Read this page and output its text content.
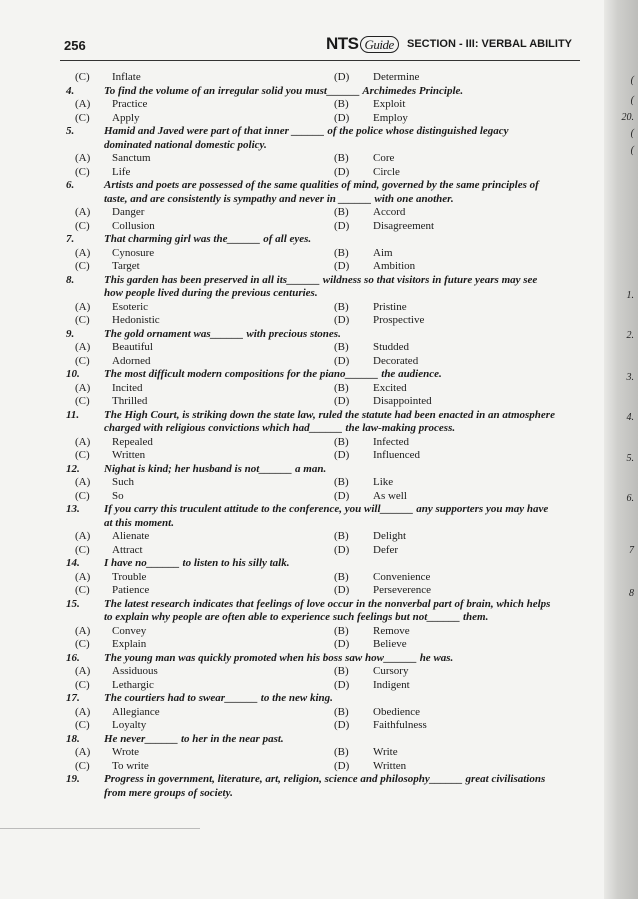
256	NTS Guide	SECTION - III: VERBAL ABILITY
(C) Inflate	(D) Determine
4.	To find the volume of an irregular solid you must______ Archimedes Principle.
(A) Practice	(B) Exploit
(C) Apply	(D) Employ
5.	Hamid and Javed were part of that inner ______ of the police whose distinguished legacy
dominated national domestic policy.
(A) Sanctum	(B) Core
(C) Life	(D) Circle
6.	Artists and poets are possessed of the same qualities of mind, governed by the same principles of
taste, and are consistently is sympathy and never in ______ with one another.
(A) Danger	(B) Accord
(C) Collusion	(D) Disagreement
7.	That charming girl was the______ of all eyes.
(A) Cynosure	(B) Aim
(C) Target	(D) Ambition
8.	This garden has been preserved in all its______ wildness so that visitors in future years may see
how people lived during the previous centuries.
(A) Esoteric	(B) Pristine
(C) Hedonistic	(D) Prospective
9.	The gold ornament was______ with precious stones.
(A) Beautiful	(B) Studded
(C) Adorned	(D) Decorated
10. The most difficult modern compositions for the piano______ the audience.
(A) Incited	(B) Excited
(C) Thrilled	(D) Disappointed
11. The High Court, is striking down the state law, ruled the statute had been enacted in an atmosphere
charged with religious convictions which had______ the law-making process.
(A) Repealed	(B) Infected
(C) Written	(D) Influenced
12. Nighat is kind; her husband is not______ a man.
(A) Such	(B) Like
(C) So	(D) As well
13. If you carry this truculent attitude to the conference, you will______ any supporters you may have
at this moment.
(A) Alienate	(B) Delight
(C) Attract	(D) Defer
14. I have no______ to listen to his silly talk.
(A) Trouble	(B) Convenience
(C) Patience	(D) Perseverence
15. The latest research indicates that feelings of love occur in the nonverbal part of brain, which helps
to explain why people are often able to experience such feelings but not______ them.
(A) Convey	(B) Remove
(C) Explain	(D) Believe
16. The young man was quickly promoted when his boss saw how______ he was.
(A) Assiduous	(B) Cursory
(C) Lethargic	(D) Indigent
17. The courtiers had to swear______ to the new king.
(A) Allegiance	(B) Obedience
(C) Loyalty	(D) Faithfulness
18. He never______ to her in the near past.
(A) Wrote	(B) Write
(C) To write	(D) Written
19. Progress in government, literature, art, religion, science and philosophy______ great civilisations
from mere groups of society.
(
(
20.
(
(
1.
2.
3.
4.
5.
6.
7
8
